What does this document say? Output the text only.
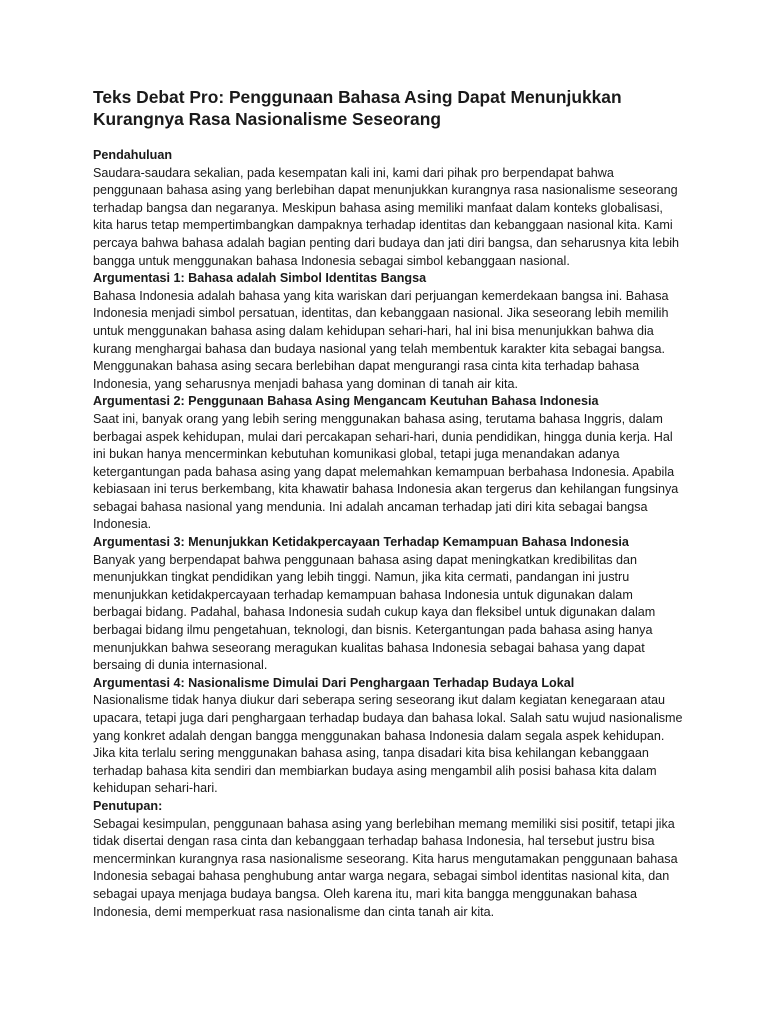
Teks Debat Pro: Penggunaan Bahasa Asing Dapat Menunjukkan Kurangnya Rasa Nasionalisme Seseorang

Pendahuluan

Saudara-saudara sekalian, pada kesempatan kali ini, kami dari pihak pro berpendapat bahwa penggunaan bahasa asing yang berlebihan dapat menunjukkan kurangnya rasa nasionalisme seseorang terhadap bangsa dan negaranya. Meskipun bahasa asing memiliki manfaat dalam konteks globalisasi, kita harus tetap mempertimbangkan dampaknya terhadap identitas dan kebanggaan nasional kita. Kami percaya bahwa bahasa adalah bagian penting dari budaya dan jati diri bangsa, dan seharusnya kita lebih bangga untuk menggunakan bahasa Indonesia sebagai simbol kebanggaan nasional.

Argumentasi 1: Bahasa adalah Simbol Identitas Bangsa

Bahasa Indonesia adalah bahasa yang kita wariskan dari perjuangan kemerdekaan bangsa ini. Bahasa Indonesia menjadi simbol persatuan, identitas, dan kebanggaan nasional. Jika seseorang lebih memilih untuk menggunakan bahasa asing dalam kehidupan sehari-hari, hal ini bisa menunjukkan bahwa dia kurang menghargai bahasa dan budaya nasional yang telah membentuk karakter kita sebagai bangsa. Menggunakan bahasa asing secara berlebihan dapat mengurangi rasa cinta kita terhadap bahasa Indonesia, yang seharusnya menjadi bahasa yang dominan di tanah air kita.

Argumentasi 2: Penggunaan Bahasa Asing Mengancam Keutuhan Bahasa Indonesia

Saat ini, banyak orang yang lebih sering menggunakan bahasa asing, terutama bahasa Inggris, dalam berbagai aspek kehidupan, mulai dari percakapan sehari-hari, dunia pendidikan, hingga dunia kerja. Hal ini bukan hanya mencerminkan kebutuhan komunikasi global, tetapi juga menandakan adanya ketergantungan pada bahasa asing yang dapat melemahkan kemampuan berbahasa Indonesia. Apabila kebiasaan ini terus berkembang, kita khawatir bahasa Indonesia akan tergerus dan kehilangan fungsinya sebagai bahasa nasional yang mendunia. Ini adalah ancaman terhadap jati diri kita sebagai bangsa Indonesia.

Argumentasi 3: Menunjukkan Ketidakpercayaan Terhadap Kemampuan Bahasa Indonesia

Banyak yang berpendapat bahwa penggunaan bahasa asing dapat meningkatkan kredibilitas dan menunjukkan tingkat pendidikan yang lebih tinggi. Namun, jika kita cermati, pandangan ini justru menunjukkan ketidakpercayaan terhadap kemampuan bahasa Indonesia untuk digunakan dalam berbagai bidang. Padahal, bahasa Indonesia sudah cukup kaya dan fleksibel untuk digunakan dalam berbagai bidang ilmu pengetahuan, teknologi, dan bisnis. Ketergantungan pada bahasa asing hanya menunjukkan bahwa seseorang meragukan kualitas bahasa Indonesia sebagai bahasa yang dapat bersaing di dunia internasional.

Argumentasi 4: Nasionalisme Dimulai Dari Penghargaan Terhadap Budaya Lokal

Nasionalisme tidak hanya diukur dari seberapa sering seseorang ikut dalam kegiatan kenegaraan atau upacara, tetapi juga dari penghargaan terhadap budaya dan bahasa lokal. Salah satu wujud nasionalisme yang konkret adalah dengan bangga menggunakan bahasa Indonesia dalam segala aspek kehidupan. Jika kita terlalu sering menggunakan bahasa asing, tanpa disadari kita bisa kehilangan kebanggaan terhadap bahasa kita sendiri dan membiarkan budaya asing mengambil alih posisi bahasa kita dalam kehidupan sehari-hari.

Penutupan:

Sebagai kesimpulan, penggunaan bahasa asing yang berlebihan memang memiliki sisi positif, tetapi jika tidak disertai dengan rasa cinta dan kebanggaan terhadap bahasa Indonesia, hal tersebut justru bisa mencerminkan kurangnya rasa nasionalisme seseorang. Kita harus mengutamakan penggunaan bahasa Indonesia sebagai bahasa penghubung antar warga negara, sebagai simbol identitas nasional kita, dan sebagai upaya menjaga budaya bangsa. Oleh karena itu, mari kita bangga menggunakan bahasa Indonesia, demi memperkuat rasa nasionalisme dan cinta tanah air kita.
